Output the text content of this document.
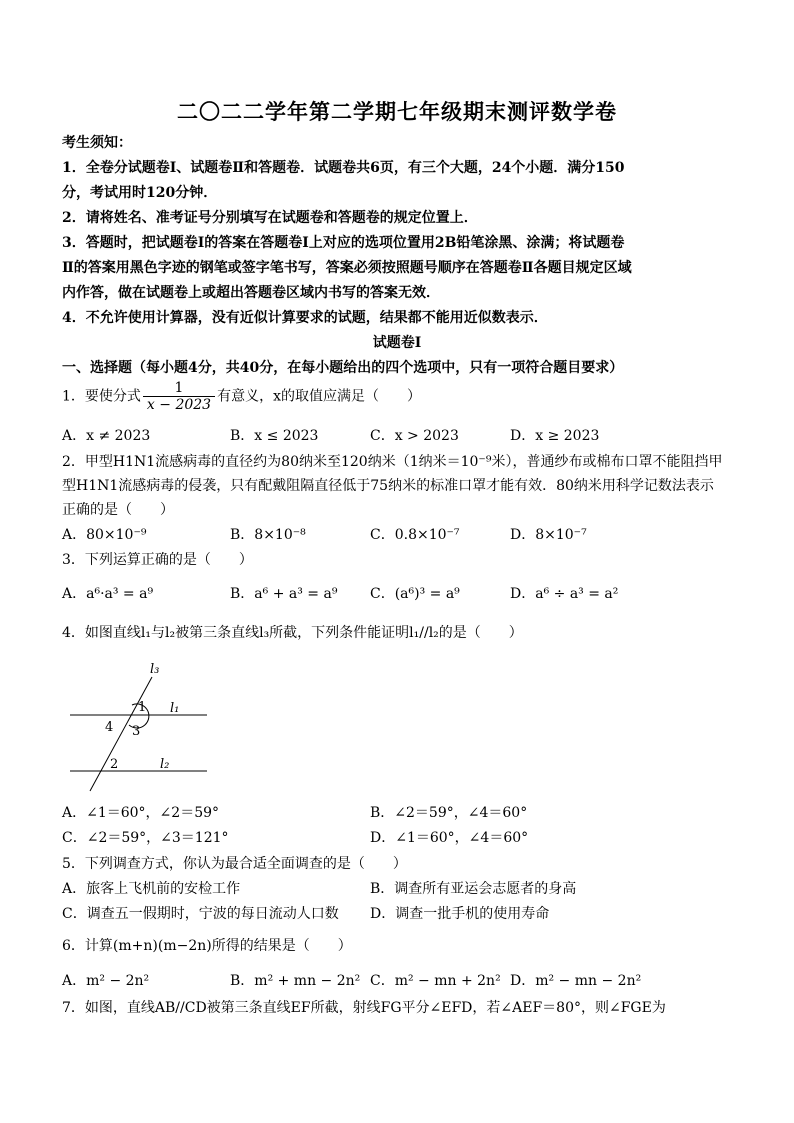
二〇二二学年第二学期七年级期末测评数学卷
考生须知：
1．全卷分试题卷Ⅰ、试题卷Ⅱ和答题卷．试题卷共6页，有三个大题，24个小题．满分150
分，考试用时120分钟．
2．请将姓名、准考证号分别填写在试题卷和答题卷的规定位置上．
3．答题时，把试题卷Ⅰ的答案在答题卷Ⅰ上对应的选项位置用2B铅笔涂黑、涂满；将试题卷
Ⅱ的答案用黑色字迹的钢笔或签字笔书写，答案必须按照题号顺序在答题卷Ⅱ各题目规定区域
内作答，做在试题卷上或超出答题卷区域内书写的答案无效．
4．不允许使用计算器，没有近似计算要求的试题，结果都不能用近似数表示．
试题卷Ⅰ
一、选择题（每小题4分，共40分，在每小题给出的四个选项中，只有一项符合题目要求）
1．要使分式 $\frac{1}{x - 2023}$ 有意义，x的取值应满足（　　）
A．x ≠ 2023	B．x ≤ 2023	C．x > 2023	D．x ≥ 2023
2．甲型H1N1流感病毒的直径约为80纳米至120纳米（1纳米＝10⁻⁹米），普通纱布或棉布口罩不能阻挡甲
型H1N1流感病毒的侵袭，只有配戴阻隔直径低于75纳米的标准口罩才能有效．80纳米用科学记数法表示
正确的是（　　）
A．80×10⁻⁹	B．8×10⁻⁸	C．0.8×10⁻⁷	D．8×10⁻⁷
3．下列运算正确的是（　　）
A．a⁶·a³ = a⁹	B．a⁶ + a³ = a⁹ C．(a⁶)³ = a⁹	D．a⁶ ÷ a³ = a²
4．如图直线l₁与l₂被第三条直线l₃所截，下列条件能证明l₁//l₂的是（　　）
l₃
l₁
l₂
1
4 3
2
A．∠1＝60°，∠2＝59°	B．∠2＝59°，∠4＝60°
C．∠2＝59°，∠3＝121°	D．∠1＝60°，∠4＝60°
5．下列调查方式，你认为最合适全面调查的是（　　）
A．旅客上飞机前的安检工作	B．调查所有亚运会志愿者的身高
C．调查五一假期时，宁波的每日流动人口数 D．调查一批手机的使用寿命
6．计算(m+n)(m−2n)所得的结果是（　　）
A．m² − 2n²	B．m² + mn − 2n² C．m² − mn + 2n² D．m² − mn − 2n²
7．如图，直线AB//CD被第三条直线EF所截，射线FG平分∠EFD，若∠AEF＝80°，则∠FGE为
